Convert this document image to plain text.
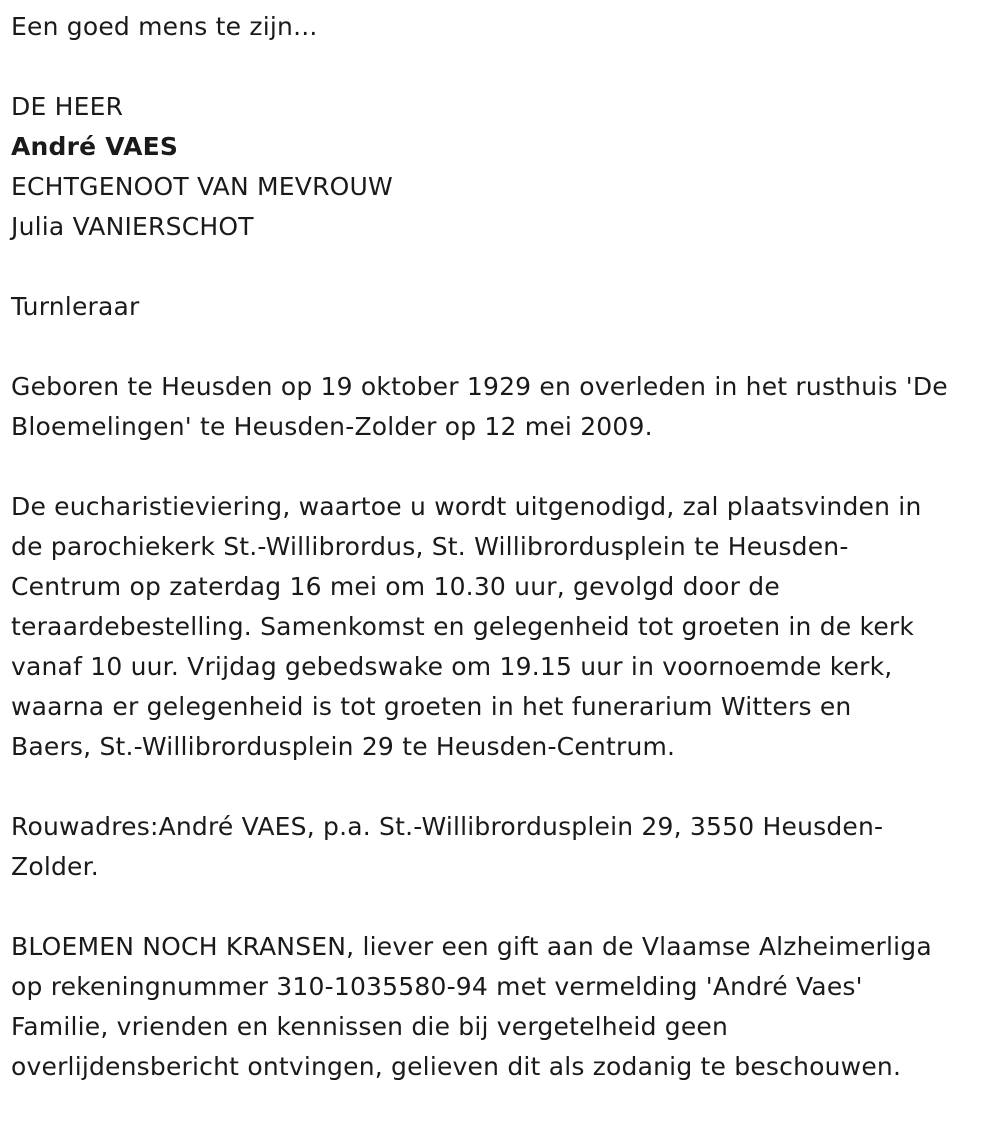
Een goed mens te zijn...

DE HEER

André VAES

ECHTGENOOT VAN MEVROUW

Julia VANIERSCHOT

Turnleraar

Geboren te Heusden op 19 oktober 1929 en overleden in het rusthuis 'De

Bloemelingen' te Heusden-Zolder op 12 mei 2009.

De eucharistieviering, waartoe u wordt uitgenodigd, zal plaatsvinden in

de parochiekerk St.-Willibrordus, St. Willibrordusplein te Heusden-

Centrum op zaterdag 16 mei om 10.30 uur, gevolgd door de

teraardebestelling. Samenkomst en gelegenheid tot groeten in de kerk

vanaf 10 uur. Vrijdag gebedswake om 19.15 uur in voornoemde kerk,

waarna er gelegenheid is tot groeten in het funerarium Witters en

Baers, St.-Willibrordusplein 29 te Heusden-Centrum.

Rouwadres:André VAES, p.a. St.-Willibrordusplein 29, 3550 Heusden-

Zolder.

BLOEMEN NOCH KRANSEN, liever een gift aan de Vlaamse Alzheimerliga

op rekeningnummer 310-1035580-94 met vermelding 'André Vaes'

Familie, vrienden en kennissen die bij vergetelheid geen

overlijdensbericht ontvingen, gelieven dit als zodanig te beschouwen.
